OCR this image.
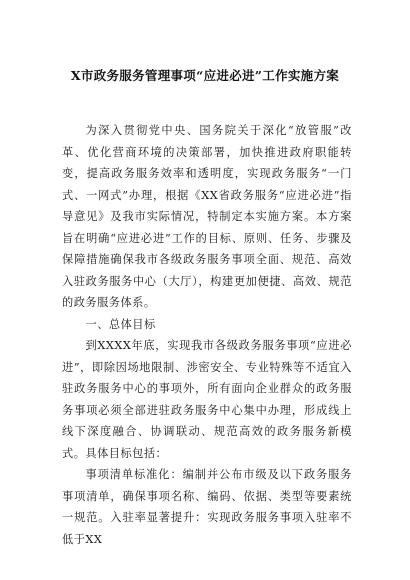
X市政务服务管理事项“应进必进”工作实施方案

为深入贯彻党中央、国务院关于深化“放管服”改革、优化营商环境的决策部署，加快推进政府职能转变，提高政务服务效率和透明度，实现政务服务“一门式、一网式”办理，根据《XX省政务服务“应进必进”指导意见》及我市实际情况，特制定本实施方案。本方案旨在明确“应进必进”工作的目标、原则、任务、步骤及保障措施确保我市各级政务服务事项全面、规范、高效入驻政务服务中心（大厅），构建更加便捷、高效、规范的政务服务体系。

一、总体目标

到XXXX年底，实现我市各级政务服务事项“应进必进”，即除因场地限制、涉密安全、专业特殊等不适宜入驻政务服务中心的事项外，所有面向企业群众的政务服务事项必须全部进驻政务服务中心集中办理，形成线上线下深度融合、协调联动、规范高效的政务服务新模式。具体目标包括：

事项清单标准化：编制并公布市级及以下政务服务事项清单，确保事项名称、编码、依据、类型等要素统一规范。入驻率显著提升：实现政务服务事项入驻率不低于XX
